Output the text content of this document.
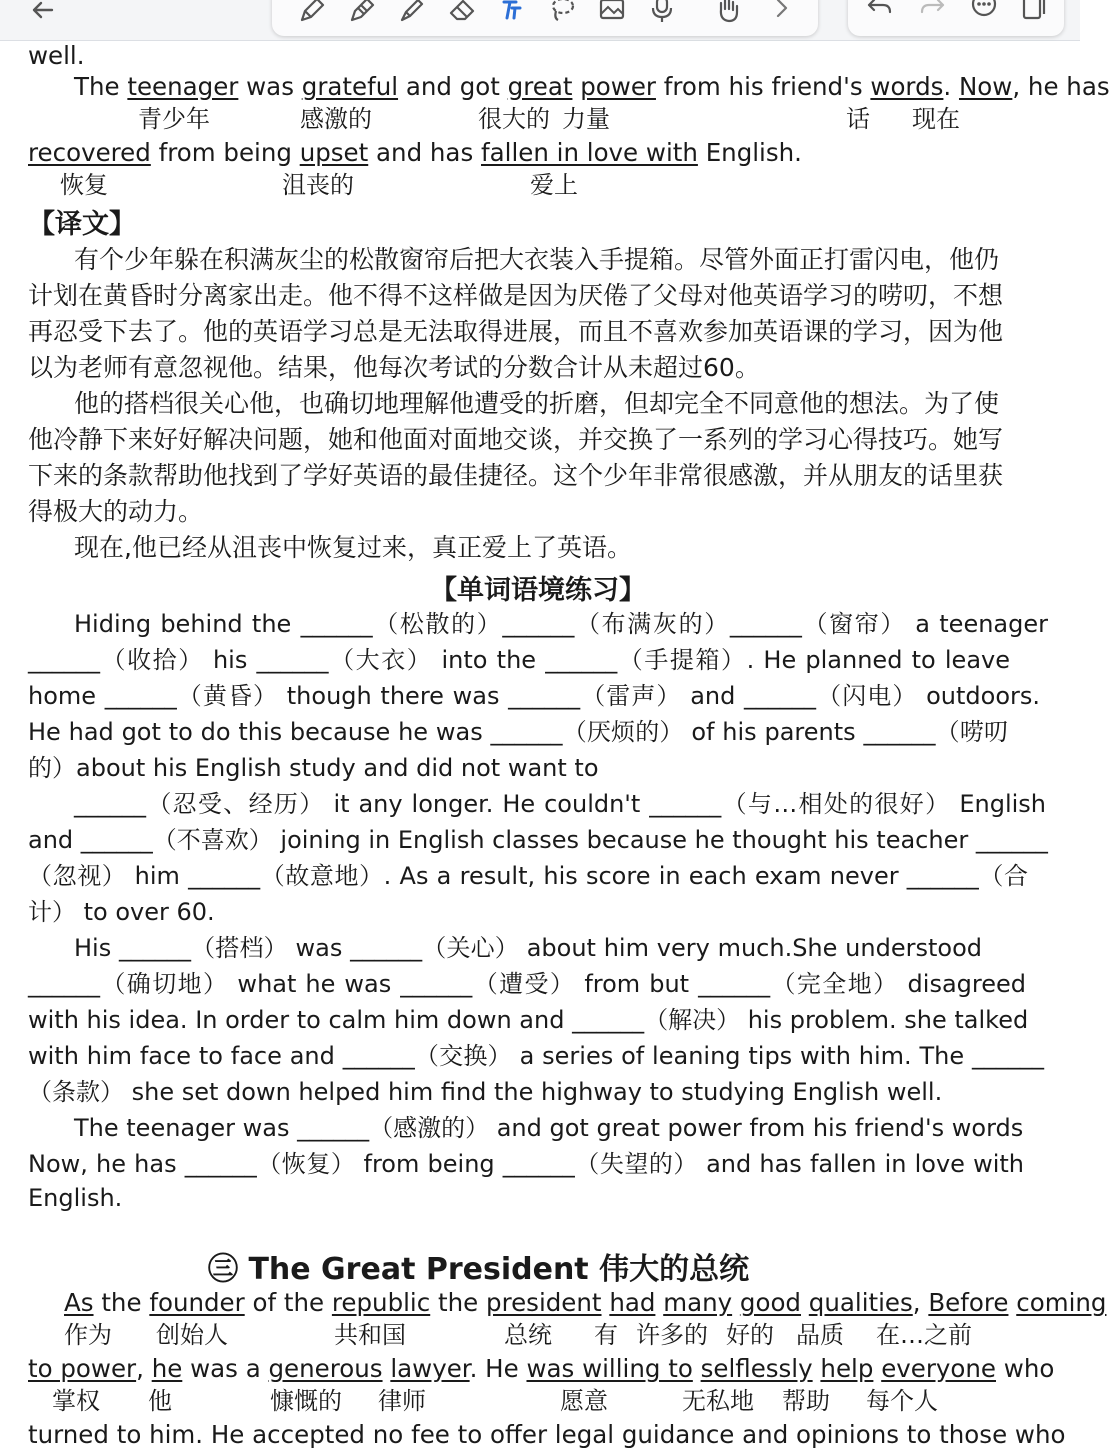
well.
The teenager was grateful and got great power from his friend's words. Now, he has
青少年	感激的	很大的 力量	话 现在
recovered from being upset and has fallen in love with English.
恢复	沮丧的	爱上
【译文】
有个少年躲在积满灰尘的松散窗帘后把大衣装入手提箱。尽管外面正打雷闪电，他仍
计划在黄昏时分离家出走。他不得不这样做是因为厌倦了父母对他英语学习的唠叨，不想
再忍受下去了。他的英语学习总是无法取得进展，而且不喜欢参加英语课的学习，因为他
以为老师有意忽视他。结果，他每次考试的分数合计从未超过60。
他的搭档很关心他，也确切地理解他遭受的折磨，但却完全不同意他的想法。为了使
他冷静下来好好解决问题，她和他面对面地交谈，并交换了一系列的学习心得技巧。她写
下来的条款帮助他找到了学好英语的最佳捷径。这个少年非常很感激，并从朋友的话里获
得极大的动力。
现在,他已经从沮丧中恢复过来，真正爱上了英语。
【单词语境练习】
Hiding behind the ______（松散的）______（布满灰的）______（窗帘） a teenager
______（收拾） his ______（大衣） into the ______（手提箱）. He planned to leave
home ______（黄昏） though there was ______（雷声） and ______（闪电） outdoors.
He had got to do this because he was ______（厌烦的） of his parents ______（唠叨
的）about his English study and did not want to
______（忍受、经历） it any longer. He couldn't ______（与…相处的很好） English
and ______（不喜欢） joining in English classes because he thought his teacher ______
（忽视） him ______（故意地）. As a result, his score in each exam never ______（合
计） to over 60.
His ______（搭档） was ______（关心） about him very much.She understood
______（确切地） what he was ______（遭受） from but ______（完全地） disagreed
with his idea. In order to calm him down and ______（解决） his problem. she talked
with him face to face and ______（交换） a series of leaning tips with him. The ______
（条款） she set down helped him find the highway to studying English well.
The teenager was ______（感激的） and got great power from his friend's words
Now, he has ______（恢复） from being ______（失望的） and has fallen in love with
English.
㊂ The Great President 伟大的总统
As the founder of the republic the president had many good qualities, Before coming
作为 创始人	共和国	总统 有 许多的 好的 品质 在…之前
to power, he was a generous lawyer. He was willing to selflessly help everyone who
掌权 他	慷慨的 律师	愿意	无私地 帮助 每个人
turned to him. He accepted no fee to offer legal guidance and opinions to those who
